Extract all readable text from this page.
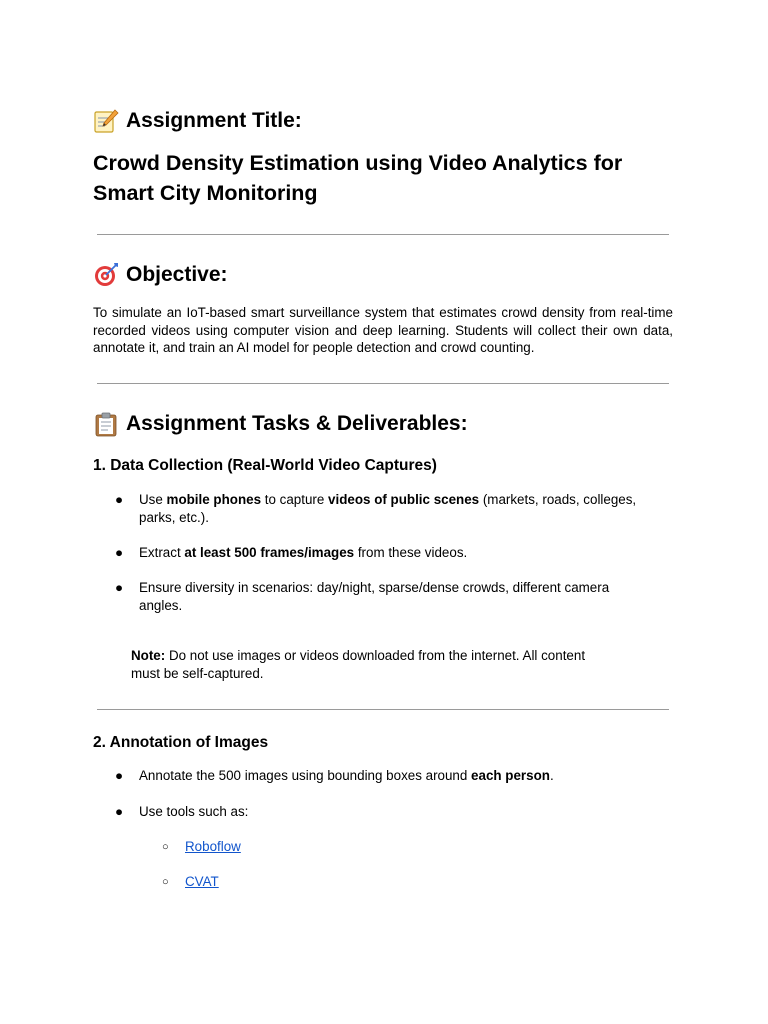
Assignment Title:
Crowd Density Estimation using Video Analytics for
Smart City Monitoring
Objective:
To simulate an IoT-based smart surveillance system that estimates crowd density from real-time recorded videos using computer vision and deep learning. Students will collect their own data, annotate it, and train an AI model for people detection and crowd counting.
Assignment Tasks & Deliverables:
1. Data Collection (Real-World Video Captures)
● Use mobile phones to capture videos of public scenes (markets, roads, colleges,
parks, etc.).
● Extract at least 500 frames/images from these videos.
● Ensure diversity in scenarios: day/night, sparse/dense crowds, different camera
angles.
Note: Do not use images or videos downloaded from the internet. All content
must be self-captured.
2. Annotation of Images
● Annotate the 500 images using bounding boxes around each person.
● Use tools such as:
○ Roboflow
○ CVAT
